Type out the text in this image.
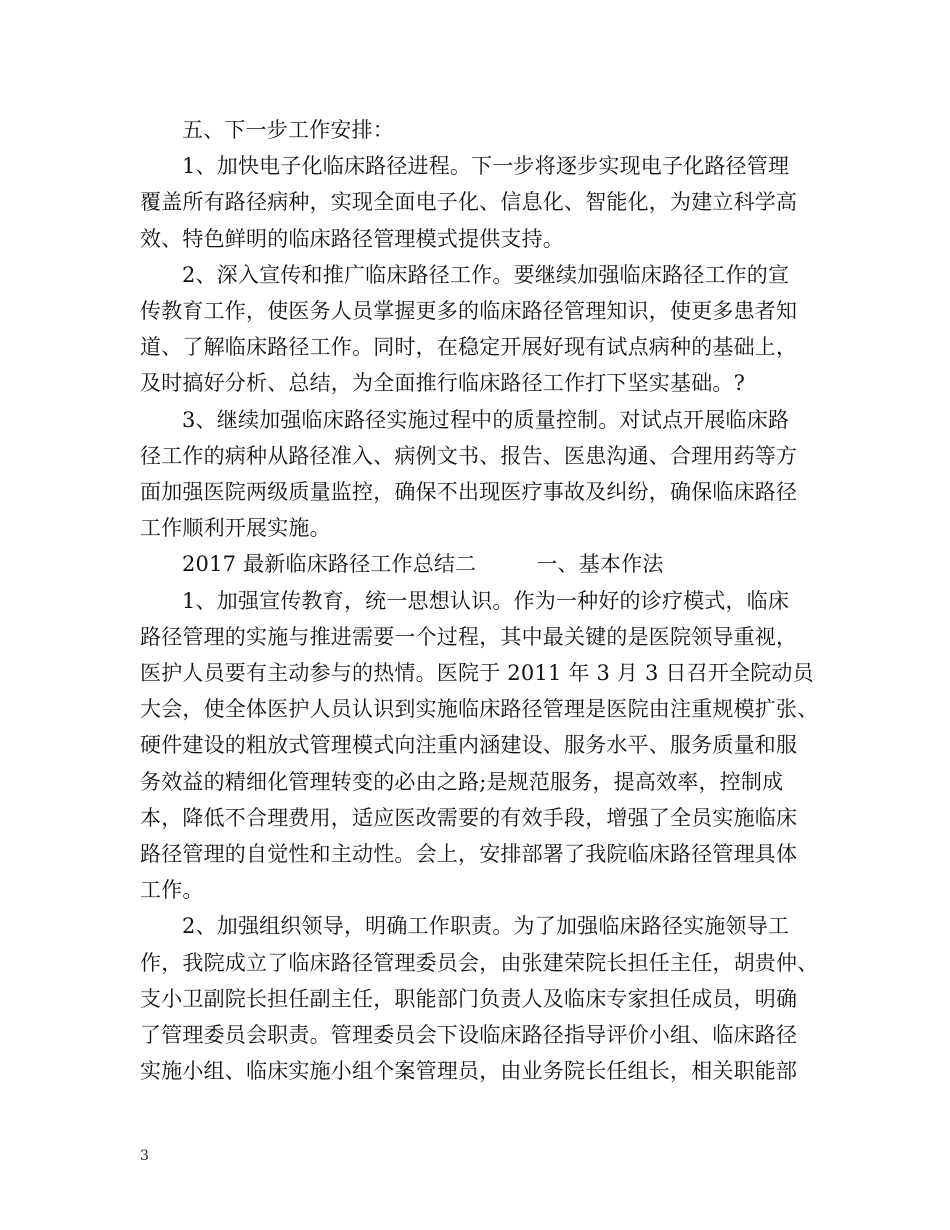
五、下一步工作安排：
1、加快电子化临床路径进程。下一步将逐步实现电子化路径管理
覆盖所有路径病种，实现全面电子化、信息化、智能化，为建立科学高
效、特色鲜明的临床路径管理模式提供支持。
2、深入宣传和推广临床路径工作。要继续加强临床路径工作的宣
传教育工作，使医务人员掌握更多的临床路径管理知识，使更多患者知
道、了解临床路径工作。同时，在稳定开展好现有试点病种的基础上，
及时搞好分析、总结，为全面推行临床路径工作打下坚实基础。?
3、继续加强临床路径实施过程中的质量控制。对试点开展临床路
径工作的病种从路径准入、病例文书、报告、医患沟通、合理用药等方
面加强医院两级质量监控，确保不出现医疗事故及纠纷，确保临床路径
工作顺利开展实施。
2017 最新临床路径工作总结二	一、基本作法
1、加强宣传教育，统一思想认识。作为一种好的诊疗模式，临床
路径管理的实施与推进需要一个过程，其中最关键的是医院领导重视，
医护人员要有主动参与的热情。医院于 2011 年 3 月 3 日召开全院动员
大会，使全体医护人员认识到实施临床路径管理是医院由注重规模扩张、
硬件建设的粗放式管理模式向注重内涵建设、服务水平、服务质量和服
务效益的精细化管理转变的必由之路;是规范服务，提高效率，控制成
本，降低不合理费用，适应医改需要的有效手段，增强了全员实施临床
路径管理的自觉性和主动性。会上，安排部署了我院临床路径管理具体
工作。
2、加强组织领导，明确工作职责。为了加强临床路径实施领导工
作，我院成立了临床路径管理委员会，由张建荣院长担任主任，胡贵仲、
支小卫副院长担任副主任，职能部门负责人及临床专家担任成员，明确
了管理委员会职责。管理委员会下设临床路径指导评价小组、临床路径
实施小组、临床实施小组个案管理员，由业务院长任组长，相关职能部
3
